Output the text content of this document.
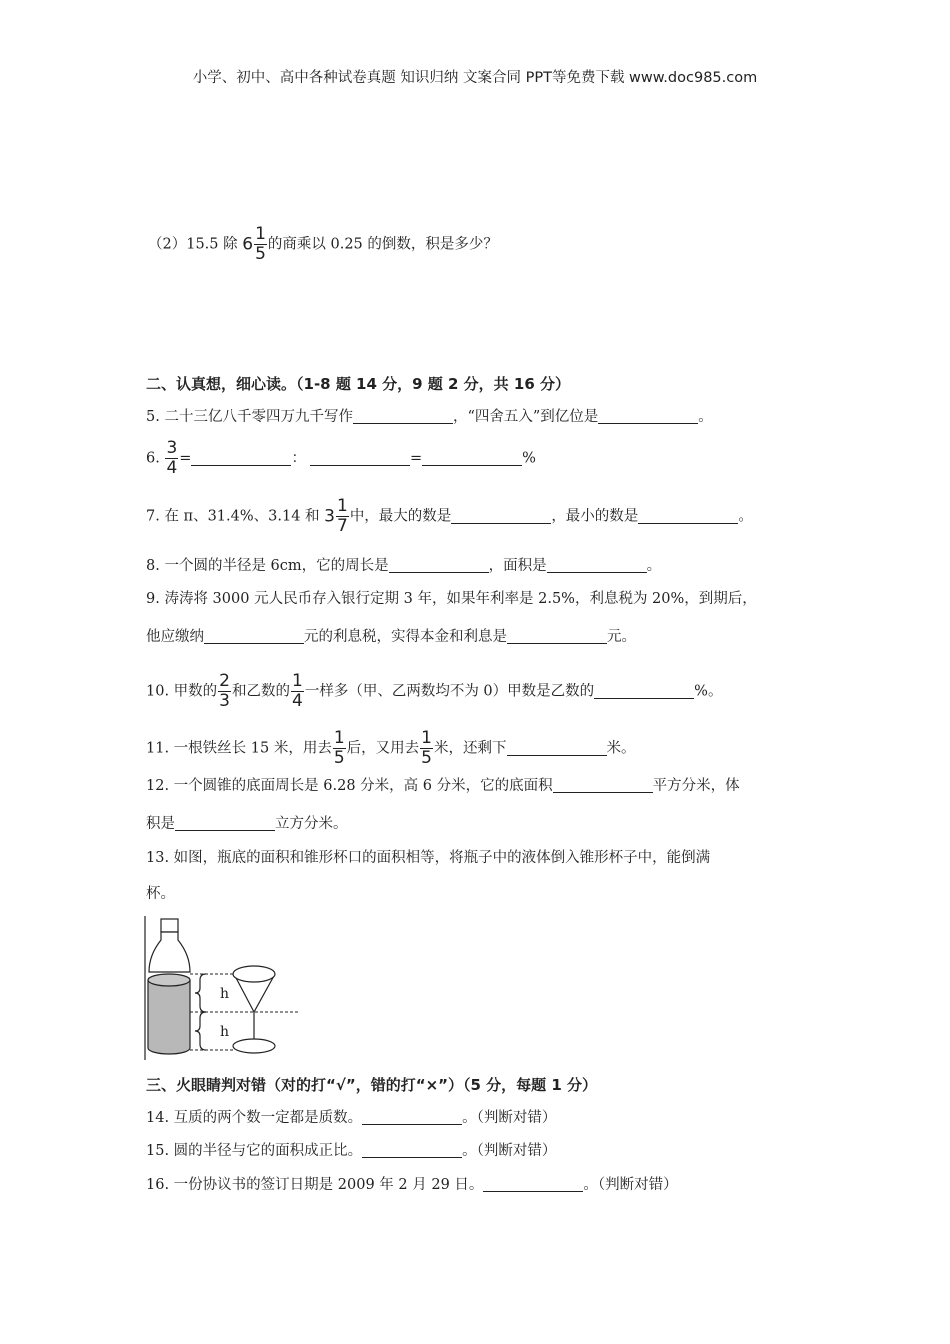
小学、初中、高中各种试卷真题 知识归纳 文案合同 PPT等免费下载 www.doc985.com
（2）15.5 除 $6 \frac{1}{5}$ 的商乘以 0.25 的倒数，积是多少？
二、认真想，细心读。（1-8 题 14 分，9 题 2 分，共 16 分）
5. 二十三亿八千零四万九千写作	，“四舍五入”到亿位是	。
6. $\frac{3}{4}$ =	：	=	%
7. 在 π、31.4%、3.14 和 $3 \frac{1}{7}$ 中，最大的数是	，最小的数是	。
8. 一个圆的半径是 6cm，它的周长是	，面积是	。
9. 涛涛将 3000 元人民币存入银行定期 3 年，如果年利率是 2.5%，利息税为 20%，到期后，
他应缴纳	元的利息税，实得本金和利息是	元。
10. 甲数的 $\frac{2}{3}$ 和乙数的 $\frac{1}{4}$ 一样多（甲、乙两数均不为 0）甲数是乙数的	%。
11. 一根铁丝长 15 米，用去 $\frac{1}{5}$ 后，又用去 $\frac{1}{5}$ 米，还剩下	米。
12. 一个圆锥的底面周长是 6.28 分米，高 6 分米，它的底面积	平方分米，体
积是	立方分米。
13. 如图，瓶底的面积和锥形杯口的面积相等，将瓶子中的液体倒入锥形杯子中，能倒满
杯。
h
h
三、火眼睛判对错（对的打“√”，错的打“×”）（5 分，每题 1 分）
14. 互质的两个数一定都是质数。	。（判断对错）
15. 圆的半径与它的面积成正比。	。（判断对错）
16. 一份协议书的签订日期是 2009 年 2 月 29 日。	。（判断对错）
